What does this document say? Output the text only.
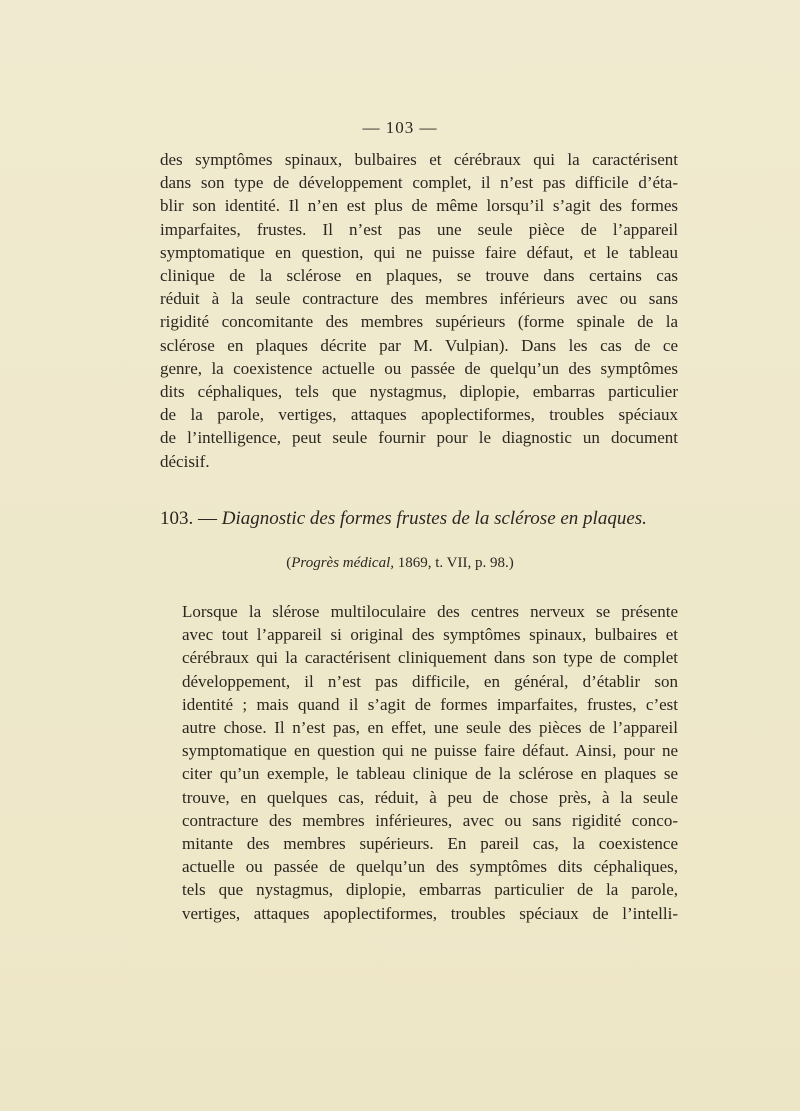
— 103 —
des symptômes spinaux, bulbaires et cérébraux qui la caractérisent
dans son type de développement complet, il n’est pas difficile d’éta-
blir son identité. Il n’en est plus de même lorsqu’il s’agit des formes
imparfaites, frustes. Il n’est pas une seule pièce de l’appareil
symptomatique en question, qui ne puisse faire défaut, et le tableau
clinique de la sclérose en plaques, se trouve dans certains cas
réduit à la seule contracture des membres inférieurs avec ou sans
rigidité concomitante des membres supérieurs (forme spinale de la
sclérose en plaques décrite par M. Vulpian). Dans les cas de ce
genre, la coexistence actuelle ou passée de quelqu’un des symptômes
dits céphaliques, tels que nystagmus, diplopie, embarras particulier
de la parole, vertiges, attaques apoplectiformes, troubles spéciaux
de l’intelligence, peut seule fournir pour le diagnostic un document
décisif.
103. — Diagnostic des formes frustes de la sclérose en plaques.
(Progrès médical, 1869, t. VII, p. 98.)
Lorsque la slérose multiloculaire des centres nerveux se présente
avec tout l’appareil si original des symptômes spinaux, bulbaires et
cérébraux qui la caractérisent cliniquement dans son type de complet
développement, il n’est pas difficile, en général, d’établir son
identité ; mais quand il s’agit de formes imparfaites, frustes, c’est
autre chose. Il n’est pas, en effet, une seule des pièces de l’appareil
symptomatique en question qui ne puisse faire défaut. Ainsi, pour ne
citer qu’un exemple, le tableau clinique de la sclérose en plaques se
trouve, en quelques cas, réduit, à peu de chose près, à la seule
contracture des membres inférieures, avec ou sans rigidité conco-
mitante des membres supérieurs. En pareil cas, la coexistence
actuelle ou passée de quelqu’un des symptômes dits céphaliques,
tels que nystagmus, diplopie, embarras particulier de la parole,
vertiges, attaques apoplectiformes, troubles spéciaux de l’intelli-
